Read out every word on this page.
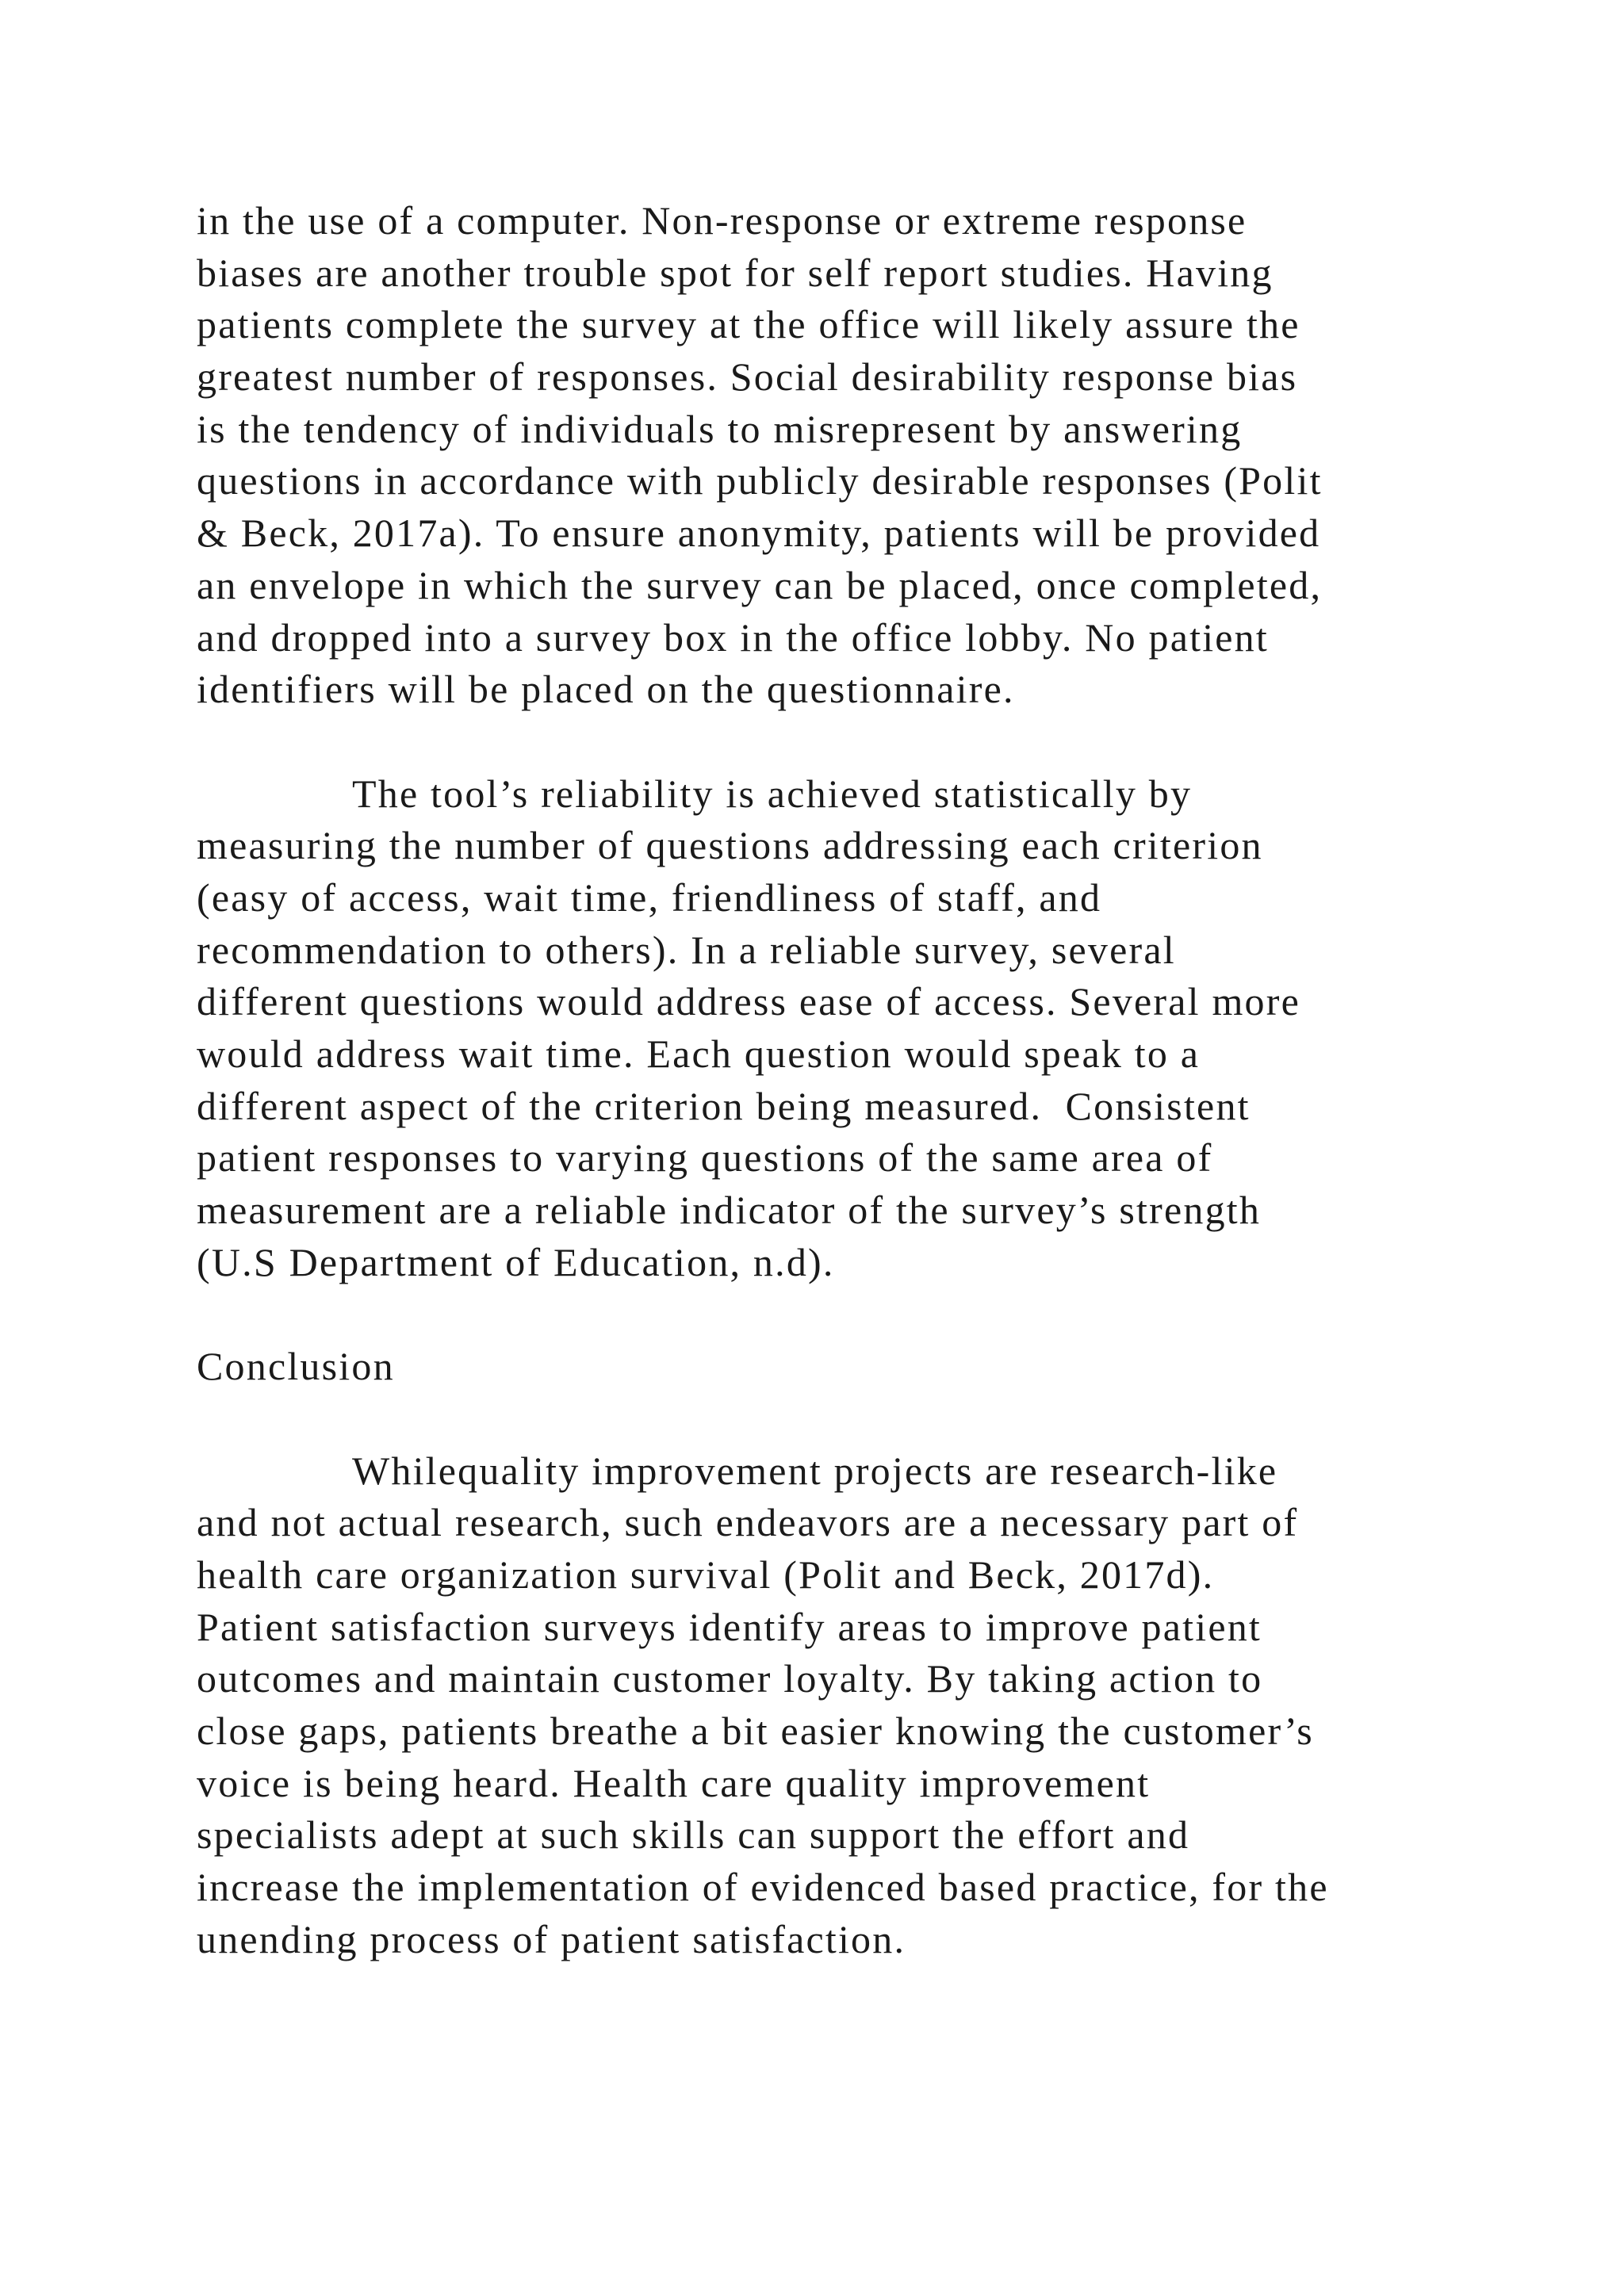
in the use of a computer. Non-response or extreme response
biases are another trouble spot for self report studies. Having
patients complete the survey at the office will likely assure the
greatest number of responses. Social desirability response bias
is the tendency of individuals to misrepresent by answering
questions in accordance with publicly desirable responses (Polit
& Beck, 2017a). To ensure anonymity, patients will be provided
an envelope in which the survey can be placed, once completed,
and dropped into a survey box in the office lobby. No patient
identifiers will be placed on the questionnaire.
The tool’s reliability is achieved statistically by
measuring the number of questions addressing each criterion
(easy of access, wait time, friendliness of staff, and
recommendation to others). In a reliable survey, several
different questions would address ease of access. Several more
would address wait time. Each question would speak to a
different aspect of the criterion being measured.  Consistent
patient responses to varying questions of the same area of
measurement are a reliable indicator of the survey’s strength
(U.S Department of Education, n.d).
Conclusion
Whilequality improvement projects are research-like
and not actual research, such endeavors are a necessary part of
health care organization survival (Polit and Beck, 2017d).
Patient satisfaction surveys identify areas to improve patient
outcomes and maintain customer loyalty. By taking action to
close gaps, patients breathe a bit easier knowing the customer’s
voice is being heard. Health care quality improvement
specialists adept at such skills can support the effort and
increase the implementation of evidenced based practice, for the
unending process of patient satisfaction.
